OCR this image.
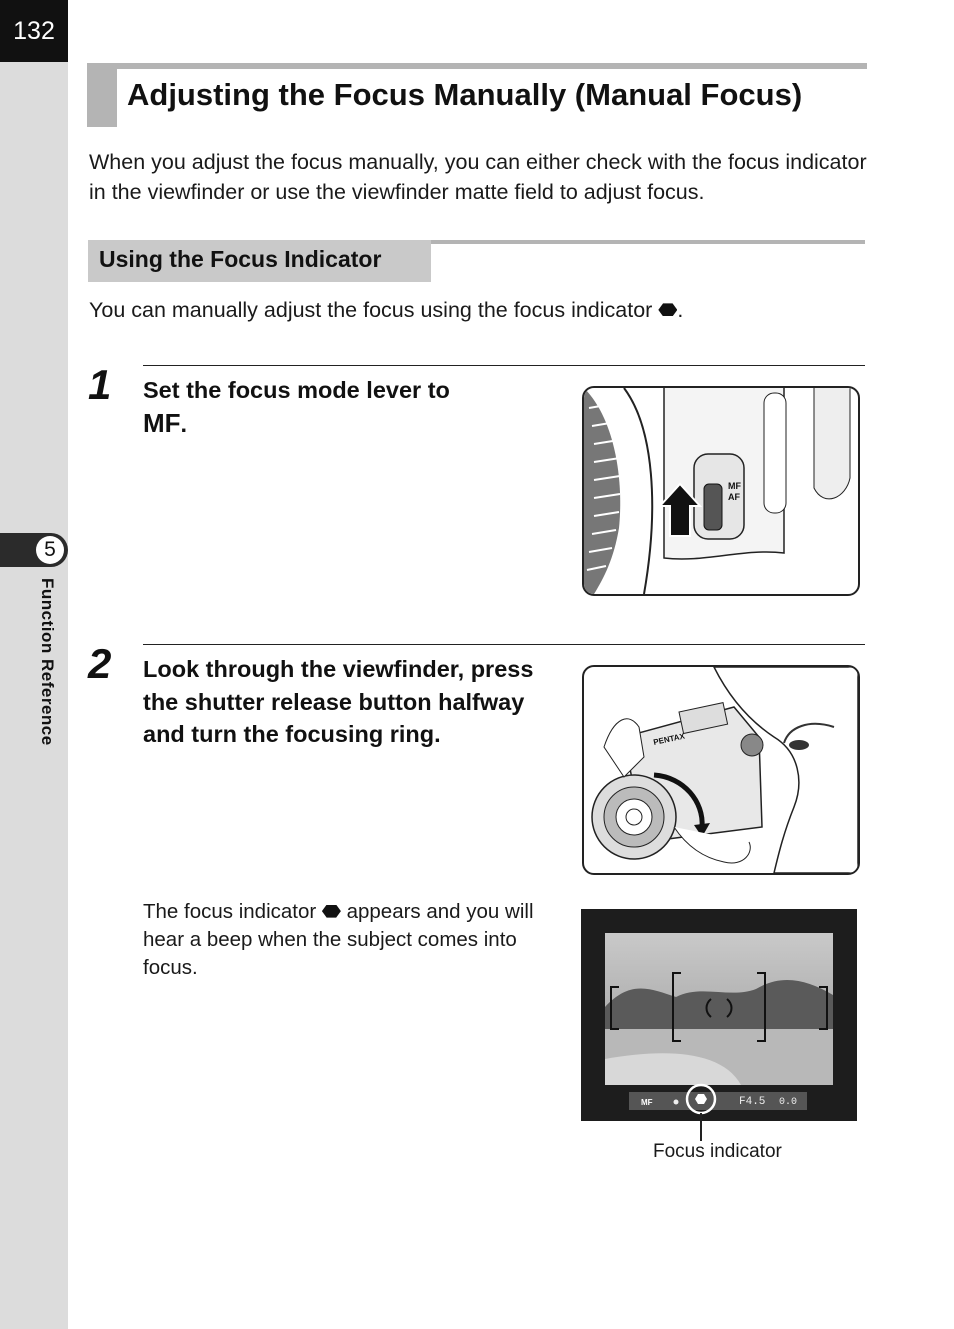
132
5
Function Reference
Adjusting the Focus Manually (Manual Focus)
When you adjust the focus manually, you can either check with the focus indicator in the viewfinder or use the viewfinder matte field to adjust focus.
Using the Focus Indicator
You can manually adjust the focus using the focus indicator .
1 Set the focus mode lever to
MF.
MF
AF
2 Look through the viewfinder, press the shutter release button halfway and turn the focusing ring.	PENTAX
The focus indicator  appears and you will hear a beep when the subject comes into focus.
MF	F4.5 0.0
Focus indicator
